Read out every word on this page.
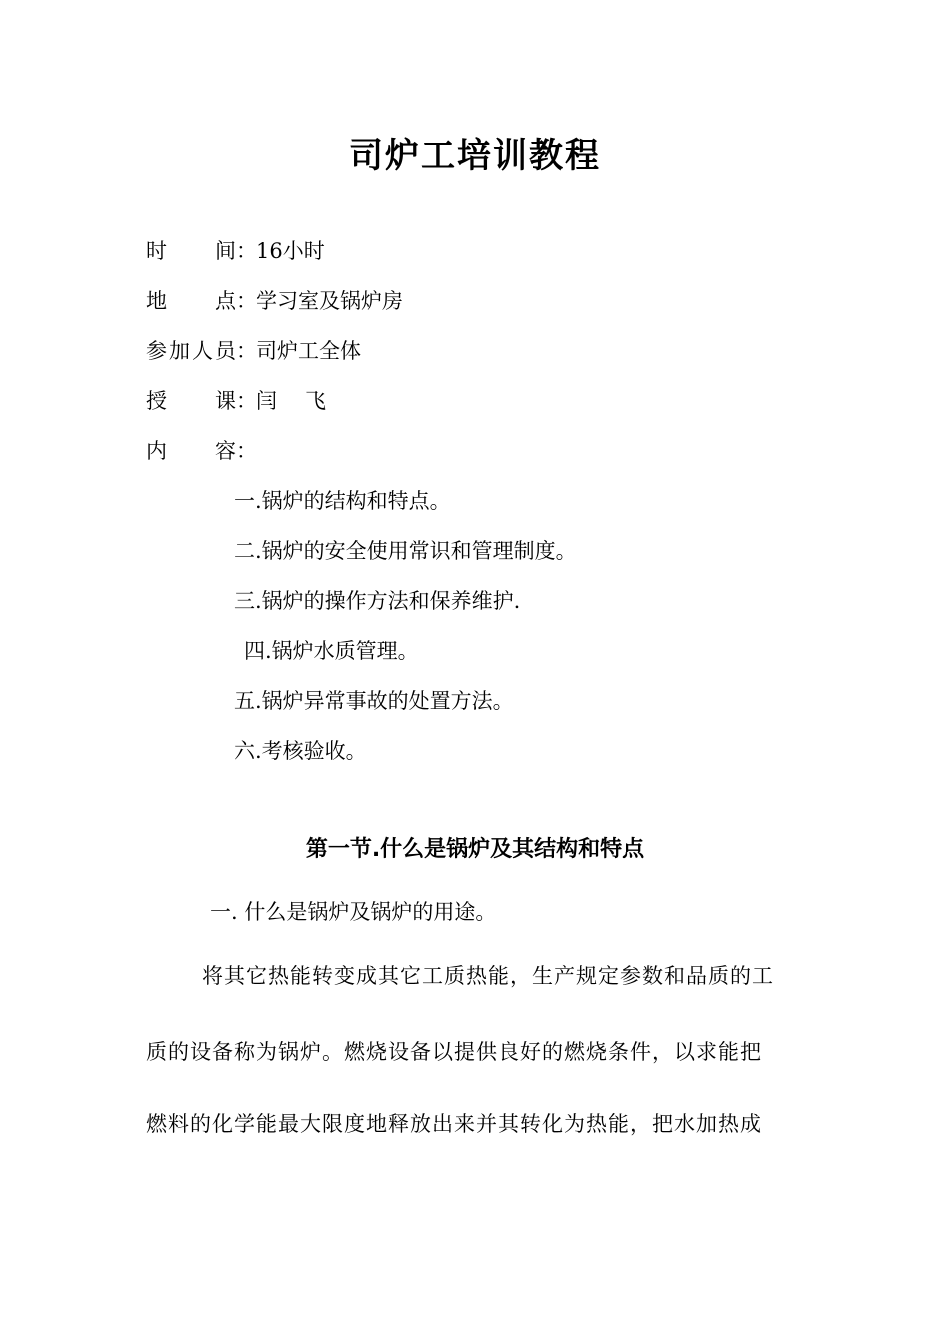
司炉工培训教程
时间：16小时
地点：学习室及锅炉房
参加人员：司炉工全体
授课：闫飞
内容：
一.锅炉的结构和特点。
二.锅炉的安全使用常识和管理制度。
三.锅炉的操作方法和保养维护.
四.锅炉水质管理。
五.锅炉异常事故的处置方法。
六.考核验收。
第一节.什么是锅炉及其结构和特点
一. 什么是锅炉及锅炉的用途。
将其它热能转变成其它工质热能，生产规定参数和品质的工
质的设备称为锅炉。燃烧设备以提供良好的燃烧条件，以求能把
燃料的化学能最大限度地释放出来并其转化为热能，把水加热成
